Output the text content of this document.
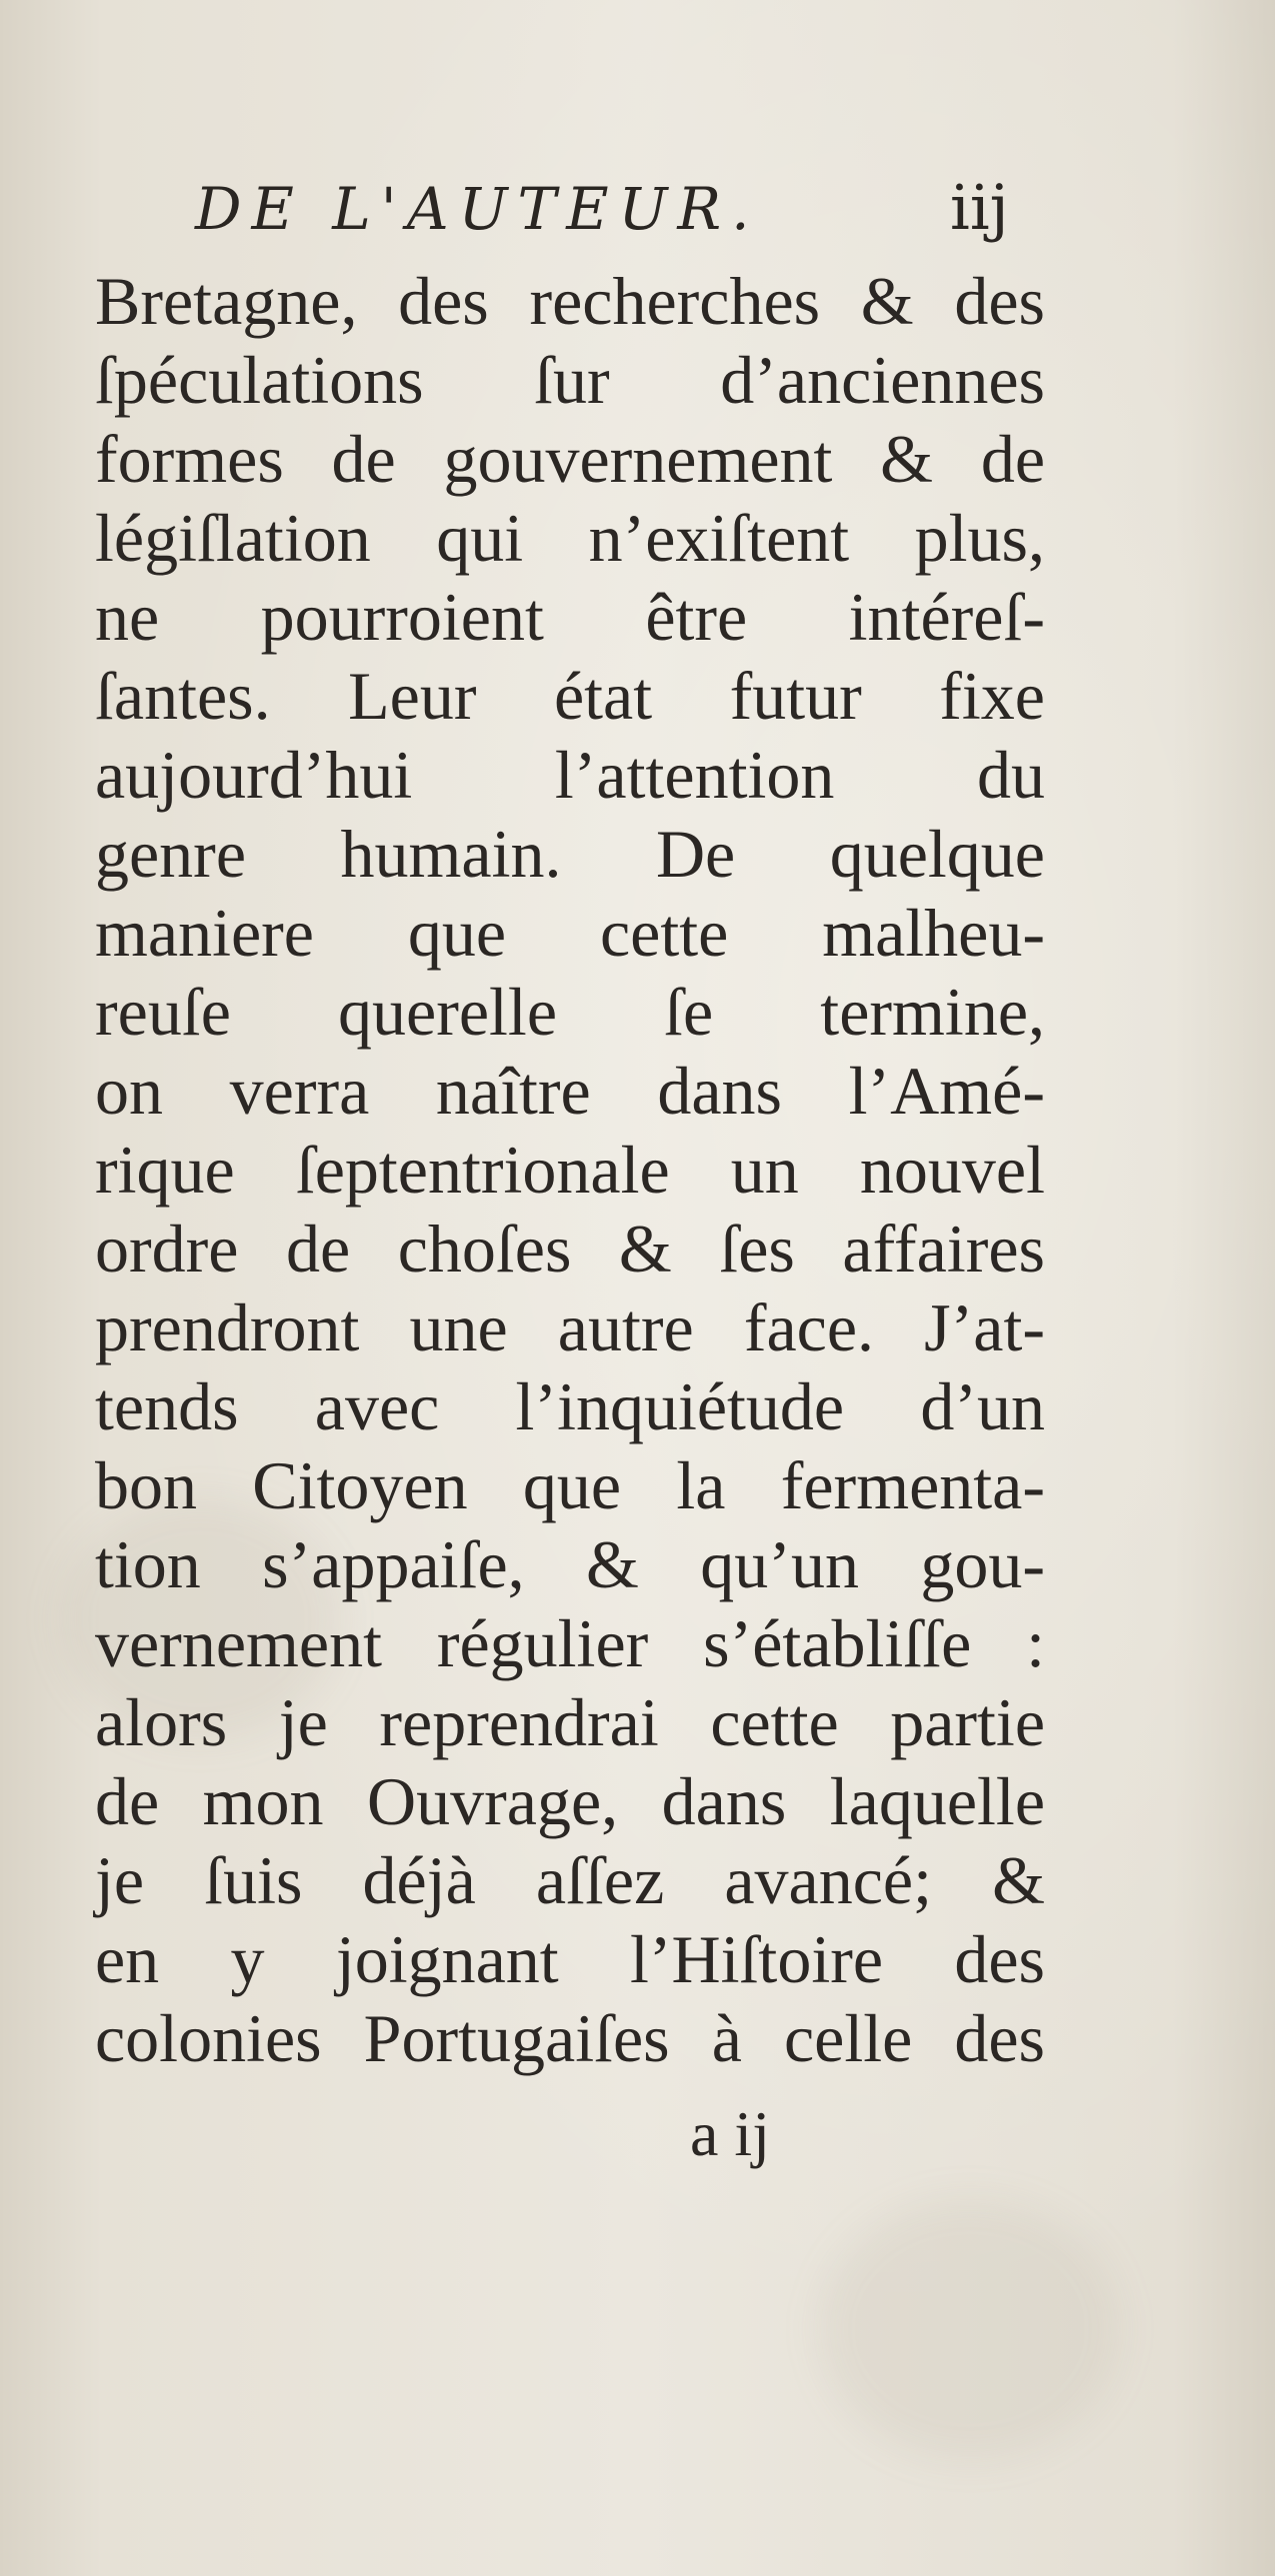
DE L'AUTEUR.	iij
Bretagne, des recherches & des
ſpéculations ſur d’anciennes
formes de gouvernement & de
légiſlation qui n’exiſtent plus,
ne pourroient être intéreſ-
ſantes. Leur état futur fixe
aujourd’hui l’attention du
genre humain. De quelque
maniere que cette malheu-
reuſe querelle ſe termine,
on verra naître dans l’Amé-
rique ſeptentrionale un nouvel
ordre de choſes & ſes affaires
prendront une autre face. J’at-
tends avec l’inquiétude d’un
bon Citoyen que la fermenta-
tion s’appaiſe, & qu’un gou-
vernement régulier s’établiſſe :
alors je reprendrai cette partie
de mon Ouvrage, dans laquelle
je ſuis déjà aſſez avancé; &
en y joignant l’Hiſtoire des
colonies Portugaiſes à celle des
a ij
